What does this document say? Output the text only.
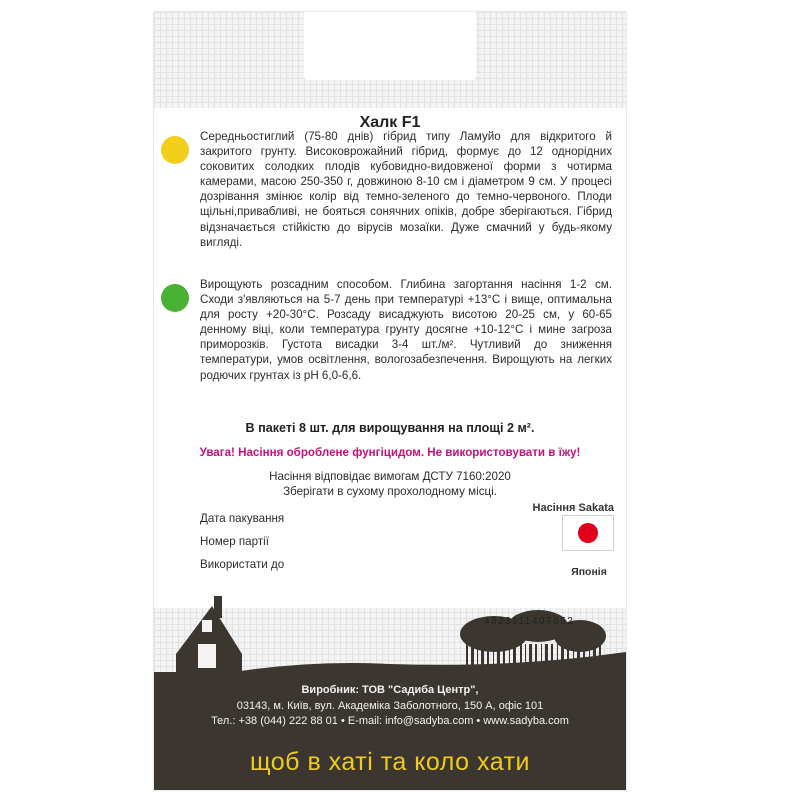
Халк F1

Середньостиглий (75-80 днів) гібрид типу Ламуйо для відкритого й закритого грунту. Високоврожайний гібрид, формує до 12 однорідних соковитих солодких плодів кубовидно-видовженої форми з чотирма камерами, масою 250-350 г, довжиною 8-10 см і діаметром 9 см. У процесі дозрівання змінює колір від темно-зеленого до темно-червоного. Плоди щільні,привабливі, не бояться сонячних опіків, добре зберігаються. Гібрид відзначається стійкістю до вірусів мозаїки. Дуже смачний у будь-якому вигляді.

Вирощують розсадним способом. Глибина загортання насіння 1-2 см. Сходи з'являються на 5-7 день при температурі +13°С і вище, оптимальна для росту +20-30°С. Розсаду висаджують висотою 20-25 см, у 60-65 денному віці, коли температура грунту досягне +10-12°С і мине загроза приморозків. Густота висадки 3-4 шт./м². Чутливий до зниження температури, умов освітлення, вологозабезпечення. Вирощують на легких родючих грунтах із pH 6,0-6,6.

В пакеті 8 шт. для вирощування на площі 2 м².
Увага! Насіння оброблене фунгіцидом. Не використовувати в їжу!
Насіння відповідає вимогам ДСТУ 7160:2020
Зберігати в сухому прохолодному місці.
Насіння Sakata
Дата пакування
Номер партії
Використати до
Японія
4823111407652
Виробник: ТОВ "Садиба Центр",
03143, м. Київ, вул. Академіка Заболотного, 150 А, офіс 101
Тел.: +38 (044) 222 88 01 • E-mail: info@sadyba.com • www.sadyba.com
щоб в хаті та коло хати
